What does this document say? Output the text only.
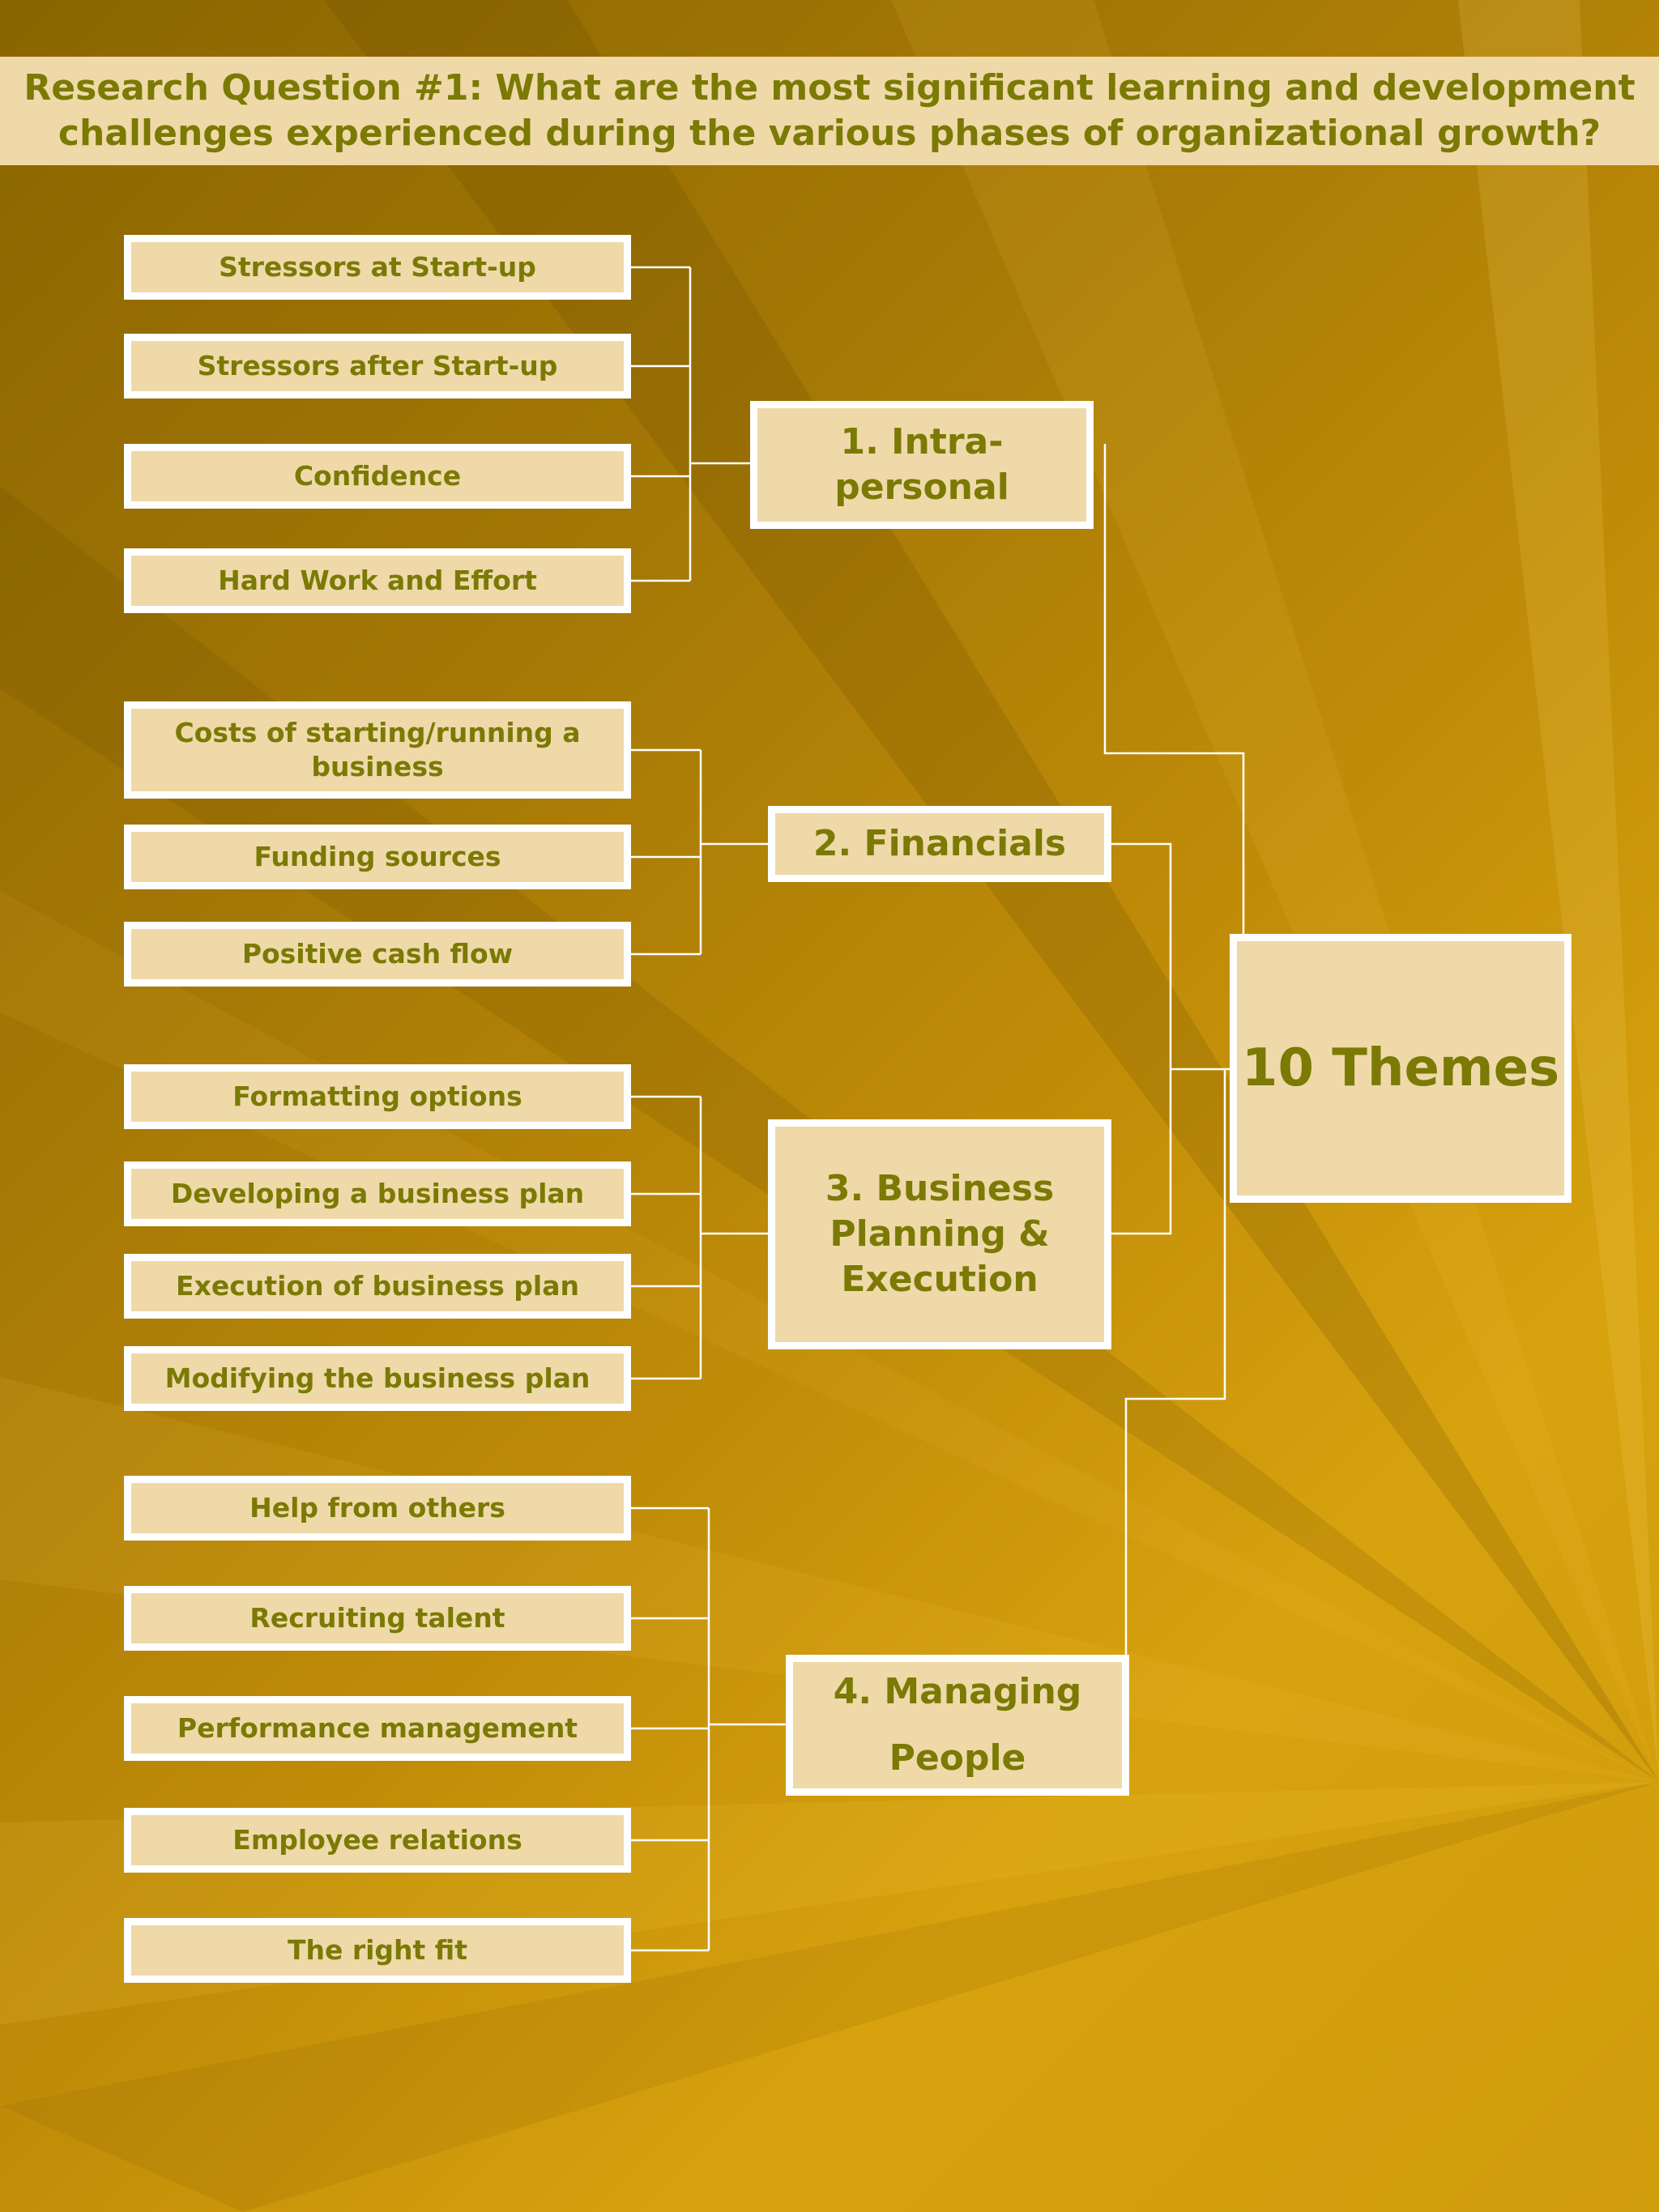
Research Question #1: What are the most significant learning and development challenges experienced during the various phases of organizational growth?
Stressors at Start-up
Stressors after Start-up
Confidence
Hard Work and Effort
Costs of starting/running a business
Funding sources
Positive cash flow
Formatting options
Developing a business plan
Execution of business plan
Modifying the business plan
Help from others
Recruiting talent
Performance management
Employee relations
The right fit
1. Intra-personal
2. Financials
3. Business Planning & Execution
4. Managing People
10 Themes
